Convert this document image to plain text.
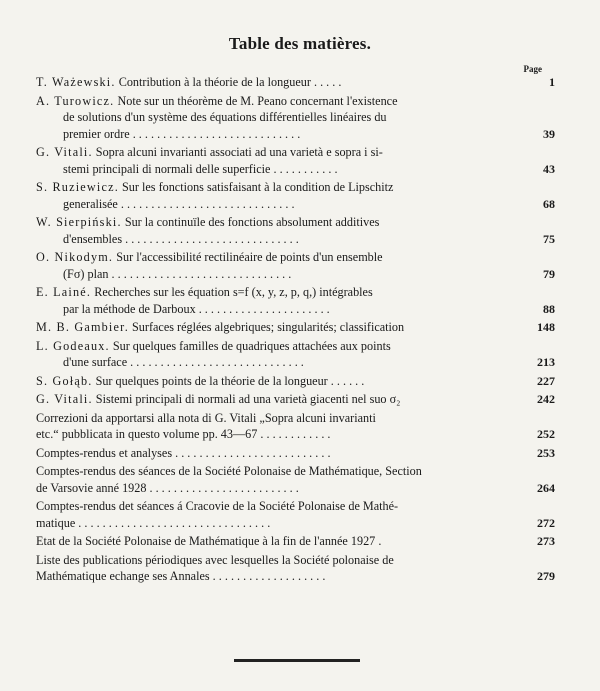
Table des matières.
Page
T. Ważewski. Contribution à la théorie de la longueur . . . . .	1
A. Turowicz. Note sur un théorème de M. Peano concernant l'existence
de solutions d'un système des équations différentielles linéaires du
premier ordre . . . . . . . . . . . . . . . . . . . . . . . . . . . .	39
G. Vitali. Sopra alcuni invarianti associati ad una varietà e sopra i si-
stemi principali di normali delle superficie . . . . . . . . . . .	43
S. Ruziewicz. Sur les fonctions satisfaisant à la condition de Lipschitz
generalisée . . . . . . . . . . . . . . . . . . . . . . . . . . . . .	68
W. Sierpiński. Sur la continuïle des fonctions absolument additives
d'ensembles . . . . . . . . . . . . . . . . . . . . . . . . . . . . .	75
O. Nikodym. Sur l'accessibilité rectilinéaire de points d'un ensemble
(Fσ) plan . . . . . . . . . . . . . . . . . . . . . . . . . . . . . .	79
E. Lainé. Recherches sur les équation s=f (x, y, z, p, q,) intégrables
par la méthode de Darboux . . . . . . . . . . . . . . . . . . . . . .	88
M. B. Gambier. Surfaces réglées algebriques; singularités; classification	148
L. Godeaux. Sur quelques familles de quadriques attachées aux points
d'une surface . . . . . . . . . . . . . . . . . . . . . . . . . . . . .	213
S. Gołąb. Sur quelques points de la théorie de la longueur . . . . . .	227
G. Vitali. Sistemi principali di normali ad una varietà giacenti nel suo σ₂	242
Correzioni da apportarsi alla nota di G. Vitali „Sopra alcuni invarianti
etc.“ pubblicata in questo volume pp. 43—67 . . . . . . . . . . . .	252
Comptes-rendus et analyses . . . . . . . . . . . . . . . . . . . . . . . . . .	253
Comptes-rendus des séances de la Société Polonaise de Mathématique, Section
de Varsovie anné 1928 . . . . . . . . . . . . . . . . . . . . . . . . .	264
Comptes-rendus det séances á Cracovie de la Société Polonaise de Mathé-
matique . . . . . . . . . . . . . . . . . . . . . . . . . . . . . . . .	272
Etat de la Société Polonaise de Mathématique à la fin de l'année 1927 .	273
Liste des publications périodiques avec lesquelles la Société polonaise de
Mathématique echange ses Annales . . . . . . . . . . . . . . . . . . .	279
